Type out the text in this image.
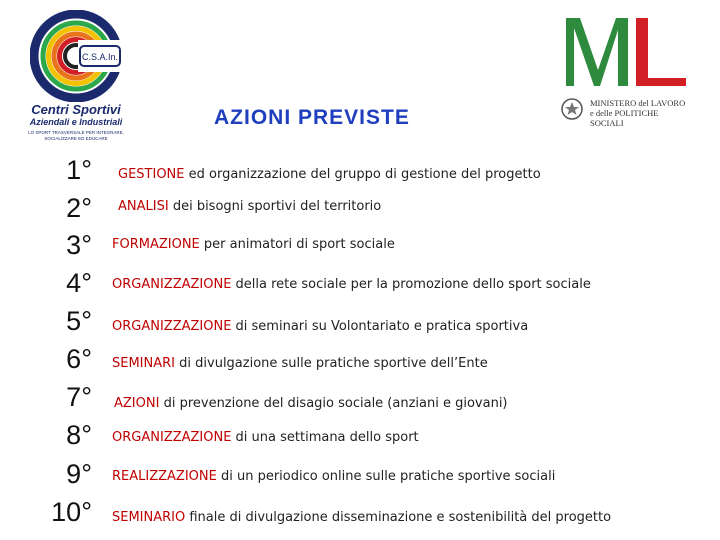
C.S.A.In.
Centri Sportivi
Aziendali e Industriali
LO SPORT TRASVERSALE PER INTEGRARE, SOCIALIZZARE ED EDUCARE
MINISTERO del LAVORO
e delle POLITICHE SOCIALI
AZIONI PREVISTE
1° GESTIONE ed organizzazione del gruppo di gestione del progetto
2° ANALISI dei bisogni sportivi del territorio
3° FORMAZIONE per animatori di sport sociale
4° ORGANIZZAZIONE della rete sociale per la promozione dello sport sociale
5° ORGANIZZAZIONE di seminari su Volontariato e pratica sportiva
6° SEMINARI di divulgazione sulle pratiche sportive dell’Ente
7° AZIONI di prevenzione del disagio sociale (anziani e giovani)
8° ORGANIZZAZIONE di una settimana dello sport
9° REALIZZAZIONE di un periodico online sulle pratiche sportive sociali
10° SEMINARIO finale di divulgazione disseminazione e sostenibilità del progetto
